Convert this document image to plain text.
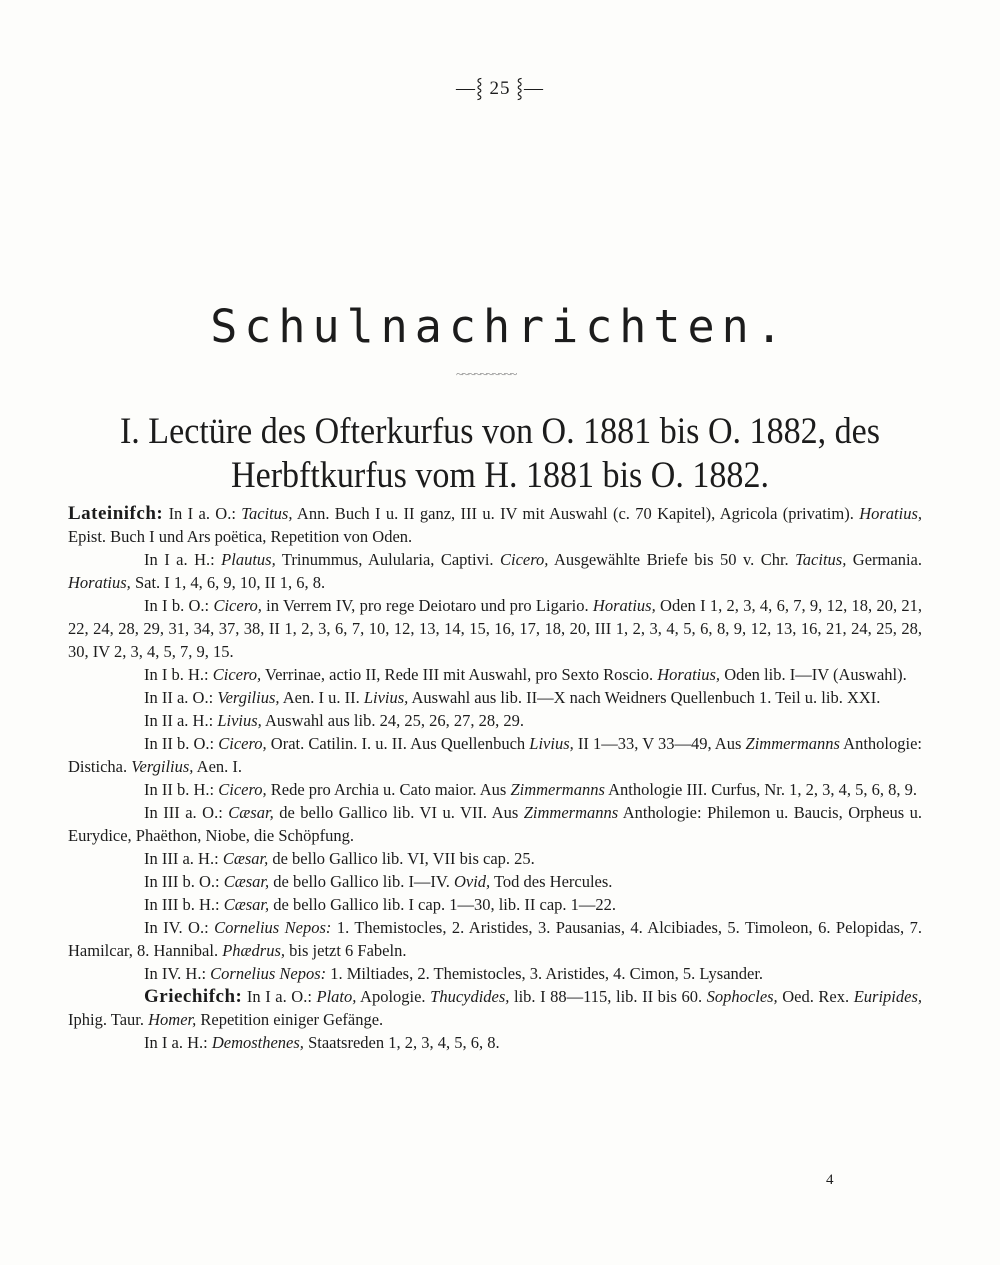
—⸾ 25 ⸾—
Schulnachrichten.
~~~~~~~~~~
I. Lectüre des Ofterkurfus von O. 1881 bis O. 1882, des Herbftkurfus vom H. 1881 bis O. 1882.

Lateinifch: In I a. O.: Tacitus, Ann. Buch I u. II ganz, III u. IV mit Auswahl (c. 70 Kapitel), Agricola (privatim). Horatius, Epist. Buch I und Ars poëtica, Repetition von Oden.

In I a. H.: Plautus, Trinummus, Aulularia, Captivi. Cicero, Ausgewählte Briefe bis 50 v. Chr. Tacitus, Germania. Horatius, Sat. I 1, 4, 6, 9, 10, II 1, 6, 8.

In I b. O.: Cicero, in Verrem IV, pro rege Deiotaro und pro Ligario. Horatius, Oden I 1, 2, 3, 4, 6, 7, 9, 12, 18, 20, 21, 22, 24, 28, 29, 31, 34, 37, 38, II 1, 2, 3, 6, 7, 10, 12, 13, 14, 15, 16, 17, 18, 20, III 1, 2, 3, 4, 5, 6, 8, 9, 12, 13, 16, 21, 24, 25, 28, 30, IV 2, 3, 4, 5, 7, 9, 15.

In I b. H.: Cicero, Verrinae, actio II, Rede III mit Auswahl, pro Sexto Roscio. Horatius, Oden lib. I—IV (Auswahl).

In II a. O.: Vergilius, Aen. I u. II. Livius, Auswahl aus lib. II—X nach Weidners Quellenbuch 1. Teil u. lib. XXI.

In II a. H.: Livius, Auswahl aus lib. 24, 25, 26, 27, 28, 29.

In II b. O.: Cicero, Orat. Catilin. I. u. II. Aus Quellenbuch Livius, II 1—33, V 33—49, Aus Zimmermanns Anthologie: Disticha. Vergilius, Aen. I.

In II b. H.: Cicero, Rede pro Archia u. Cato maior. Aus Zimmermanns Anthologie III. Curfus, Nr. 1, 2, 3, 4, 5, 6, 8, 9.

In III a. O.: Cæsar, de bello Gallico lib. VI u. VII. Aus Zimmermanns Anthologie: Philemon u. Baucis, Orpheus u. Eurydice, Phaëthon, Niobe, die Schöpfung.

In III a. H.: Cæsar, de bello Gallico lib. VI, VII bis cap. 25.

In III b. O.: Cæsar, de bello Gallico lib. I—IV. Ovid, Tod des Hercules.

In III b. H.: Cæsar, de bello Gallico lib. I cap. 1—30, lib. II cap. 1—22.

In IV. O.: Cornelius Nepos: 1. Themistocles, 2. Aristides, 3. Pausanias, 4. Alcibiades, 5. Timoleon, 6. Pelopidas, 7. Hamilcar, 8. Hannibal. Phædrus, bis jetzt 6 Fabeln.

In IV. H.: Cornelius Nepos: 1. Miltiades, 2. Themistocles, 3. Aristides, 4. Cimon, 5. Lysander.

Griechifch: In I a. O.: Plato, Apologie. Thucydides, lib. I 88—115, lib. II bis 60. Sophocles, Oed. Rex. Euripides, Iphig. Taur. Homer, Repetition einiger Gefänge.

In I a. H.: Demosthenes, Staatsreden 1, 2, 3, 4, 5, 6, 8.

4
